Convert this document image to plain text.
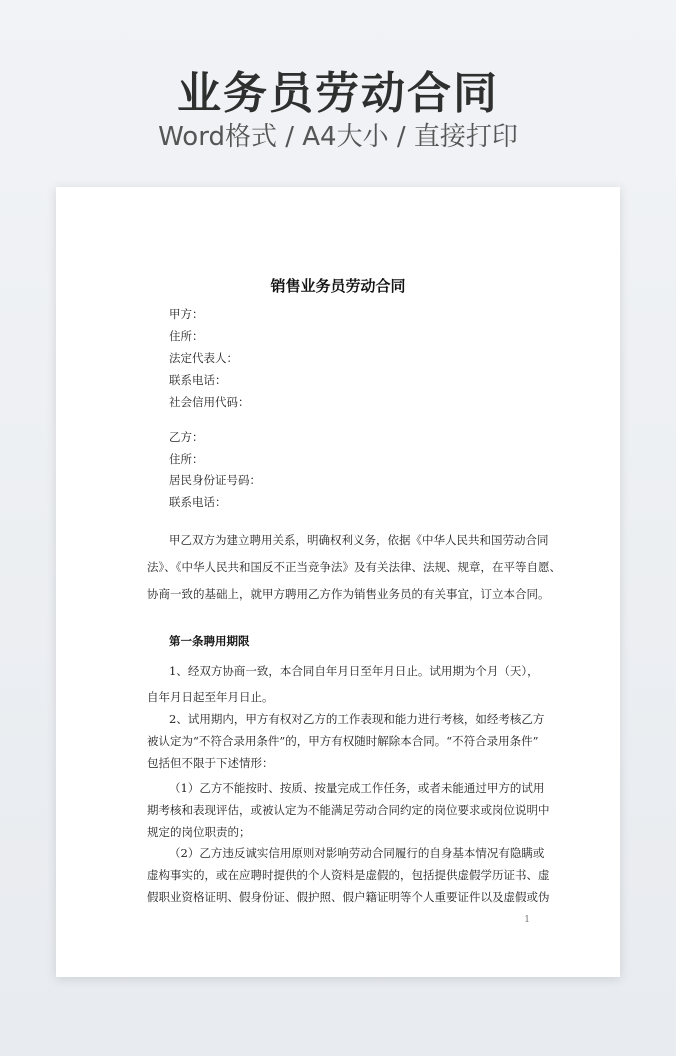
业务员劳动合同
Word格式 / A4大小 / 直接打印
销售业务员劳动合同
甲方：
住所：
法定代表人：
联系电话：
社会信用代码：
乙方：
住所：
居民身份证号码：
联系电话：
甲乙双方为建立聘用关系，明确权利义务，依据《中华人民共和国劳动合同
法》、《中华人民共和国反不正当竞争法》及有关法律、法规、规章，在平等自愿、
协商一致的基础上，就甲方聘用乙方作为销售业务员的有关事宜，订立本合同。
第一条聘用期限
1、经双方协商一致，本合同自年月日至年月日止。试用期为个月（天），
自年月日起至年月日止。
2、试用期内，甲方有权对乙方的工作表现和能力进行考核，如经考核乙方
被认定为“不符合录用条件”的，甲方有权随时解除本合同。“不符合录用条件”
包括但不限于下述情形：
（1）乙方不能按时、按质、按量完成工作任务，或者未能通过甲方的试用
期考核和表现评估，或被认定为不能满足劳动合同约定的岗位要求或岗位说明中
规定的岗位职责的；
（2）乙方违反诚实信用原则对影响劳动合同履行的自身基本情况有隐瞒或
虚构事实的，或在应聘时提供的个人资料是虚假的，包括提供虚假学历证书、虚
假职业资格证明、假身份证、假护照、假户籍证明等个人重要证件以及虚假或伪
1
